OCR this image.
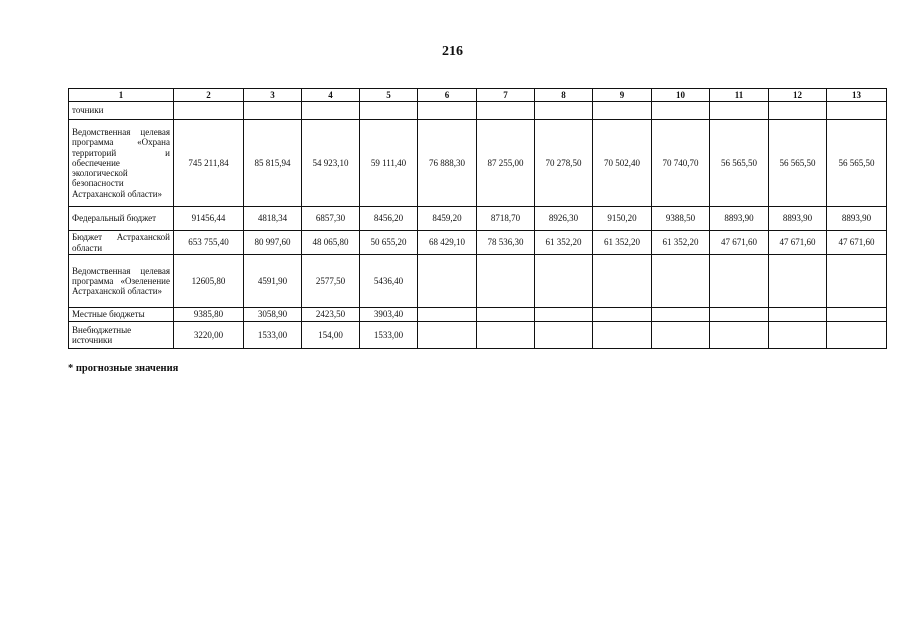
216
1	2	3	4	5	6	7	8	9	10	11	12	13
точники												
Ведомственная целевая программа «Охрана территорий и обеспечение экологической безопасности Астраханской области»	745 211,84	85 815,94	54 923,10	59 111,40	76 888,30	87 255,00	70 278,50	70 502,40	70 740,70	56 565,50	56 565,50	56 565,50
Федеральный бюджет	91456,44	4818,34	6857,30	8456,20	8459,20	8718,70	8926,30	9150,20	9388,50	8893,90	8893,90	8893,90
Бюджет Астраханской области	653 755,40	80 997,60	48 065,80	50 655,20	68 429,10	78 536,30	61 352,20	61 352,20	61 352,20	47 671,60	47 671,60	47 671,60
Ведомственная целевая программа «Озеленение Астраханской области»	12605,80	4591,90	2577,50	5436,40								
Местные бюджеты	9385,80	3058,90	2423,50	3903,40								
Внебюджетные источники	3220,00	1533,00	154,00	1533,00								
* прогнозные значения
